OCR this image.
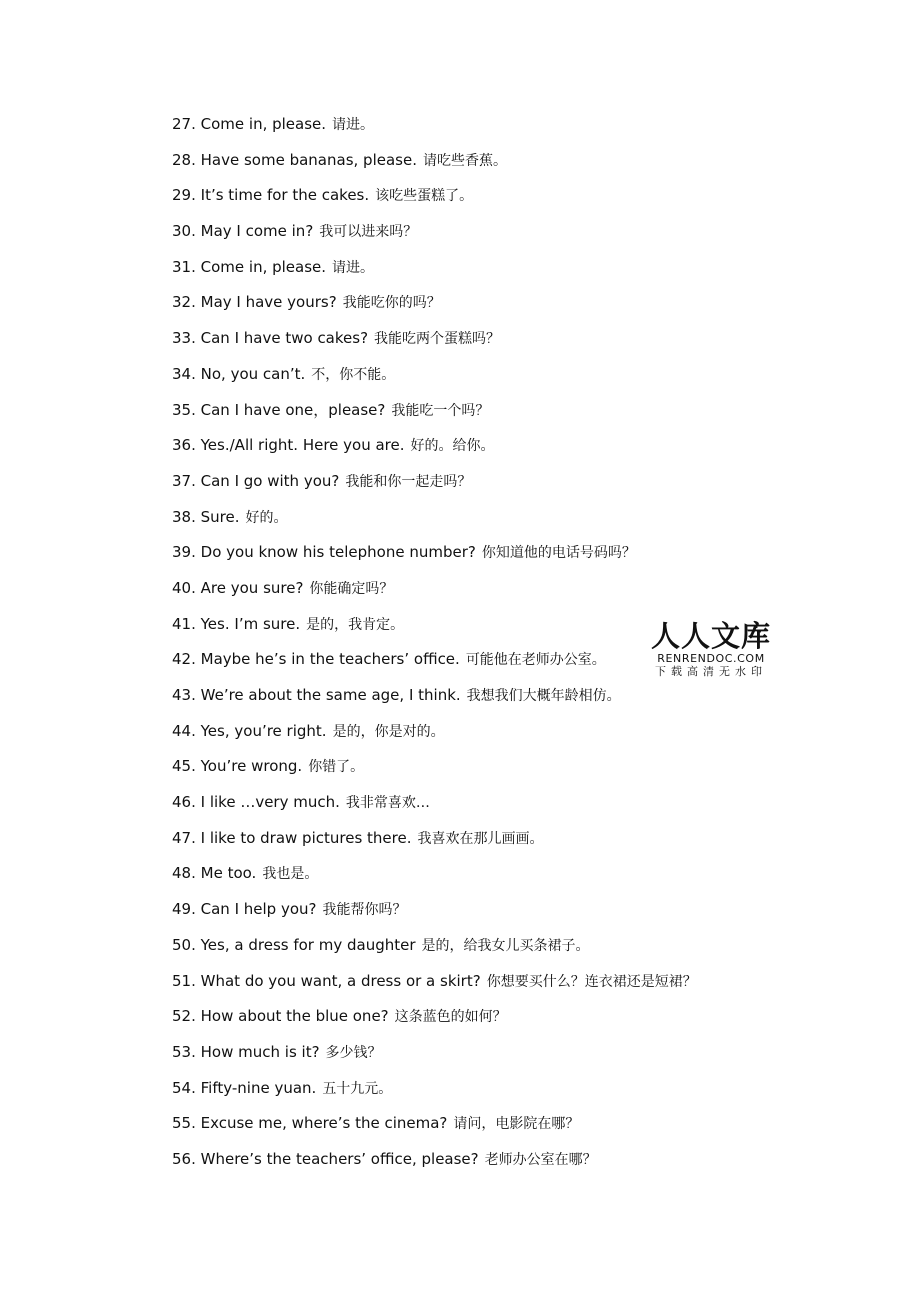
27. Come in, please. 请进。
28. Have some bananas, please. 请吃些香蕉。
29. It’s time for the cakes. 该吃些蛋糕了。
30. May I come in? 我可以进来吗？
31. Come in, please. 请进。
32. May I have yours? 我能吃你的吗？
33. Can I have two cakes? 我能吃两个蛋糕吗？
34. No, you can’t. 不，你不能。
35. Can I have one，please? 我能吃一个吗？
36. Yes./All right. Here you are. 好的。给你。
37. Can I go with you? 我能和你一起走吗？
38. Sure. 好的。
39. Do you know his telephone number? 你知道他的电话号码吗？
40. Are you sure? 你能确定吗？
41. Yes. I’m sure. 是的，我肯定。
42. Maybe he’s in the teachers’ office. 可能他在老师办公室。
43. We’re about the same age, I think. 我想我们大概年龄相仿。
44. Yes, you’re right. 是的，你是对的。
45. You’re wrong. 你错了。
46. I like …very much. 我非常喜欢…
47. I like to draw pictures there. 我喜欢在那儿画画。
48. Me too. 我也是。
49. Can I help you? 我能帮你吗？
50. Yes, a dress for my daughter 是的，给我女儿买条裙子。
51. What do you want, a dress or a skirt? 你想要买什么？连衣裙还是短裙？
52. How about the blue one? 这条蓝色的如何？
53. How much is it? 多少钱？
54. Fifty-nine yuan. 五十九元。
55. Excuse me, where’s the cinema? 请问，电影院在哪？
56. Where’s the teachers’ office, please? 老师办公室在哪？
人人文库
RENRENDOC.COM
下载高清无水印
